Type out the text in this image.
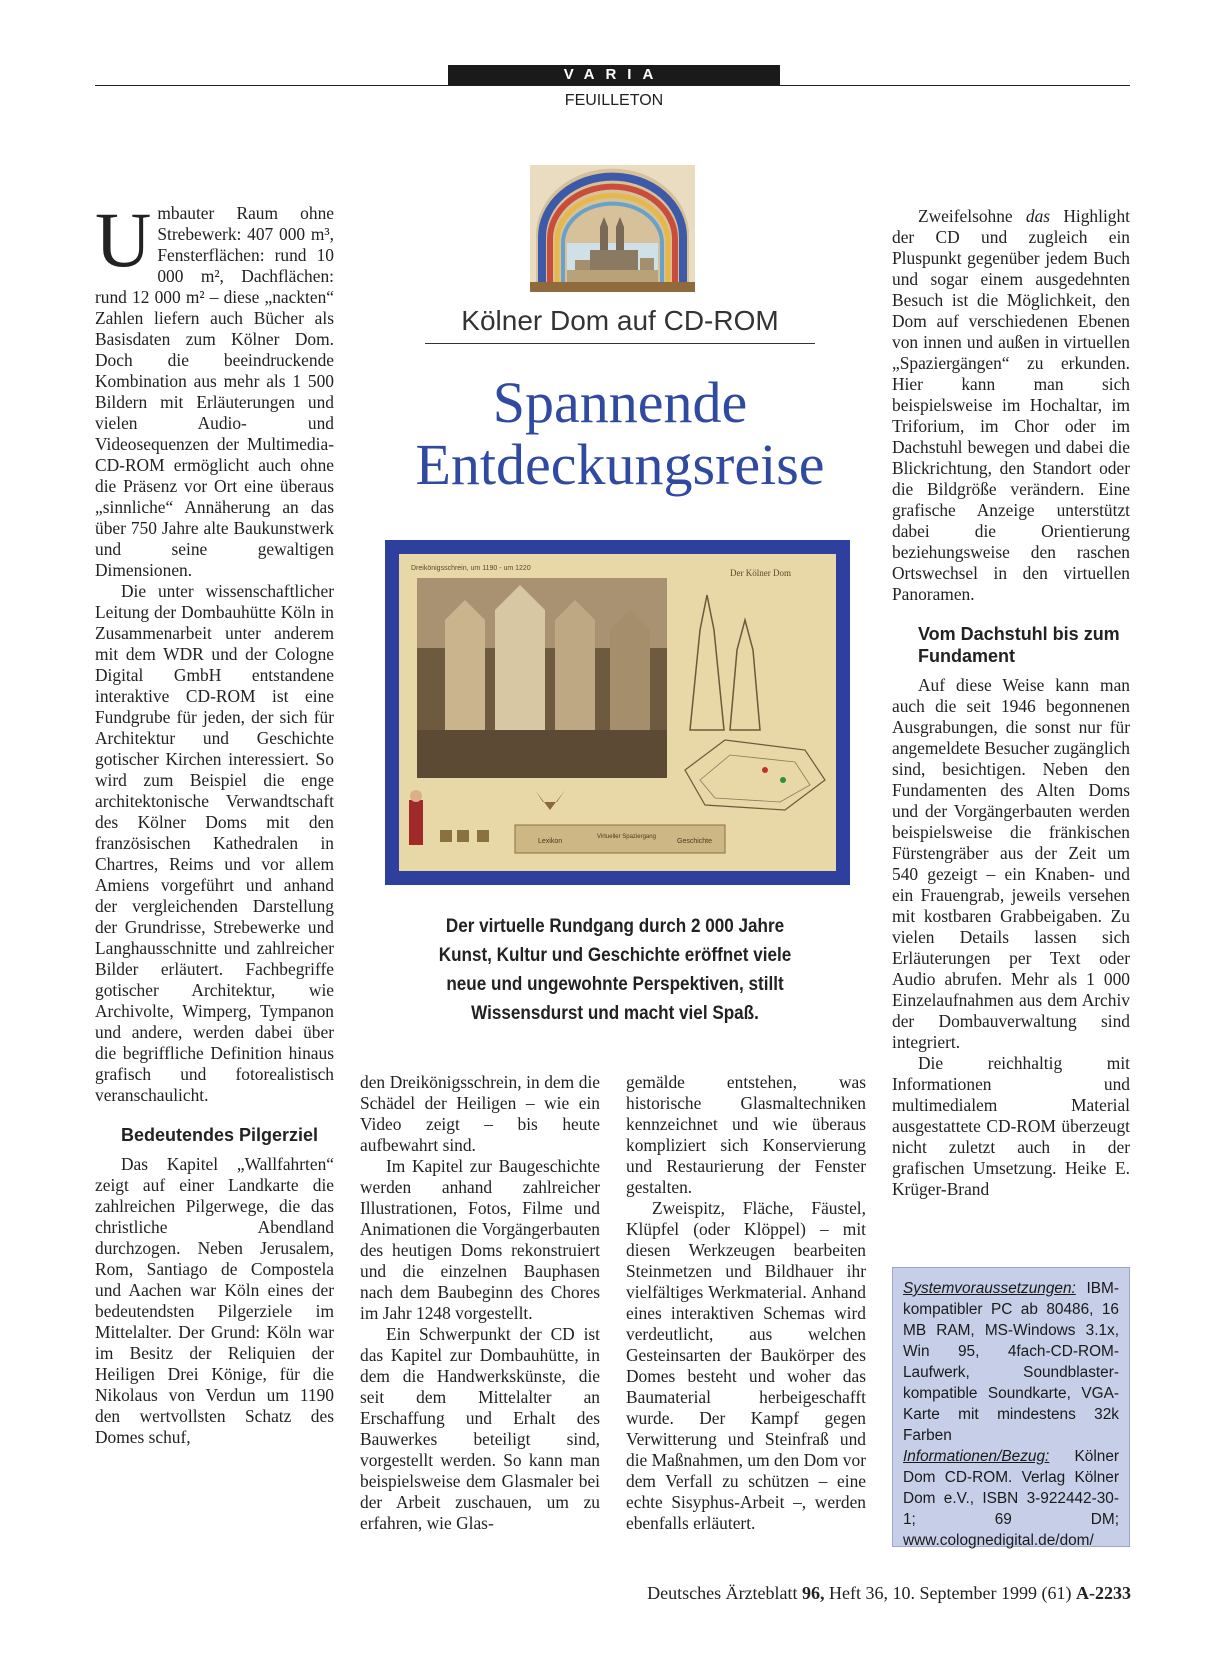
VARIA
FEUILLETON
Kölner Dom auf CD-ROM
Spannende
Entdeckungsreise
Dreikönigsschrein, um 1190 - um 1220	Der Kölner Dom
Lexikon
Virtueller Spaziergang
Geschichte
Der virtuelle Rundgang durch 2 000 Jahre Kunst, Kultur und Geschichte eröffnet viele neue und ungewohnte Perspektiven, stillt Wissensdurst und macht viel Spaß.

Umbauter Raum ohne Strebewerk: 407 000 m³, Fensterflächen: rund 10 000 m², Dachflächen: rund 12 000 m² – diese „nackten“ Zahlen liefern auch Bücher als Basisdaten zum Kölner Dom. Doch die beeindruckende Kombination aus mehr als 1 500 Bildern mit Erläuterungen und vielen Audio- und Videosequenzen der Multimedia-CD-ROM ermöglicht auch ohne die Präsenz vor Ort eine überaus „sinnliche“ Annäherung an das über 750 Jahre alte Baukunstwerk und seine gewaltigen Dimensionen.

Die unter wissenschaftlicher Leitung der Dombauhütte Köln in Zusammenarbeit unter anderem mit dem WDR und der Cologne Digital GmbH entstandene interaktive CD-ROM ist eine Fundgrube für jeden, der sich für Architektur und Geschichte gotischer Kirchen interessiert. So wird zum Beispiel die enge architektonische Verwandtschaft des Kölner Doms mit den französischen Kathedralen in Chartres, Reims und vor allem Amiens vorgeführt und anhand der vergleichenden Darstellung der Grundrisse, Strebewerke und Langhausschnitte und zahlreicher Bilder erläutert. Fachbegriffe gotischer Architektur, wie Archivolte, Wimperg, Tympanon und andere, werden dabei über die begriffliche Definition hinaus grafisch und fotorealistisch veranschaulicht.

Bedeutendes Pilgerziel

Das Kapitel „Wallfahrten“ zeigt auf einer Landkarte die zahlreichen Pilgerwege, die das christliche Abendland durchzogen. Neben Jerusalem, Rom, Santiago de Compostela und Aachen war Köln eines der bedeutendsten Pilgerziele im Mittelalter. Der Grund: Köln war im Besitz der Reliquien der Heiligen Drei Könige, für die Nikolaus von Verdun um 1190 den wertvollsten Schatz des Domes schuf,

den Dreikönigsschrein, in dem die Schädel der Heiligen – wie ein Video zeigt – bis heute aufbewahrt sind.

Im Kapitel zur Baugeschichte werden anhand zahlreicher Illustrationen, Fotos, Filme und Animationen die Vorgängerbauten des heutigen Doms rekonstruiert und die einzelnen Bauphasen nach dem Baubeginn des Chores im Jahr 1248 vorgestellt.

Ein Schwerpunkt der CD ist das Kapitel zur Dombauhütte, in dem die Handwerkskünste, die seit dem Mittelalter an Erschaffung und Erhalt des Bauwerkes beteiligt sind, vorgestellt werden. So kann man beispielsweise dem Glasmaler bei der Arbeit zuschauen, um zu erfahren, wie Glas-

gemälde entstehen, was historische Glasmaltechniken kennzeichnet und wie überaus kompliziert sich Konservierung und Restaurierung der Fenster gestalten.

Zweispitz, Fläche, Fäustel, Klüpfel (oder Klöppel) – mit diesen Werkzeugen bearbeiten Steinmetzen und Bildhauer ihr vielfältiges Werkmaterial. Anhand eines interaktiven Schemas wird verdeutlicht, aus welchen Gesteinsarten der Baukörper des Domes besteht und woher das Baumaterial herbeigeschafft wurde. Der Kampf gegen Verwitterung und Steinfraß und die Maßnahmen, um den Dom vor dem Verfall zu schützen – eine echte Sisyphus-Arbeit –, werden ebenfalls erläutert.

Zweifelsohne das Highlight der CD und zugleich ein Pluspunkt gegenüber jedem Buch und sogar einem ausgedehnten Besuch ist die Möglichkeit, den Dom auf verschiedenen Ebenen von innen und außen in virtuellen „Spaziergängen“ zu erkunden. Hier kann man sich beispielsweise im Hochaltar, im Triforium, im Chor oder im Dachstuhl bewegen und dabei die Blickrichtung, den Standort oder die Bildgröße verändern. Eine grafische Anzeige unterstützt dabei die Orientierung beziehungsweise den raschen Ortswechsel in den virtuellen Panoramen.

Vom Dachstuhl bis zum Fundament

Auf diese Weise kann man auch die seit 1946 begonnenen Ausgrabungen, die sonst nur für angemeldete Besucher zugänglich sind, besichtigen. Neben den Fundamenten des Alten Doms und der Vorgängerbauten werden beispielsweise die fränkischen Fürstengräber aus der Zeit um 540 gezeigt – ein Knaben- und ein Frauengrab, jeweils versehen mit kostbaren Grabbeigaben. Zu vielen Details lassen sich Erläuterungen per Text oder Audio abrufen. Mehr als 1 000 Einzelaufnahmen aus dem Archiv der Dombauverwaltung sind integriert.

Die reichhaltig mit Informationen und multimedialem Material ausgestattete CD-ROM überzeugt nicht zuletzt auch in der grafischen Umsetzung. Heike E. Krüger-Brand

Systemvoraussetzungen: IBM-kompatibler PC ab 80486, 16 MB RAM, MS-Windows 3.1x, Win 95, 4fach-CD-ROM-Laufwerk, Soundblaster-kompatible Soundkarte, VGA-Karte mit mindestens 32k Farben
Informationen/Bezug: Kölner Dom CD-ROM. Verlag Kölner Dom e.V., ISBN 3-922442-30-1; 69 DM; www.colognedigital.de/dom/
Deutsches Ärzteblatt 96, Heft 36, 10. September 1999 (61) A-2233
